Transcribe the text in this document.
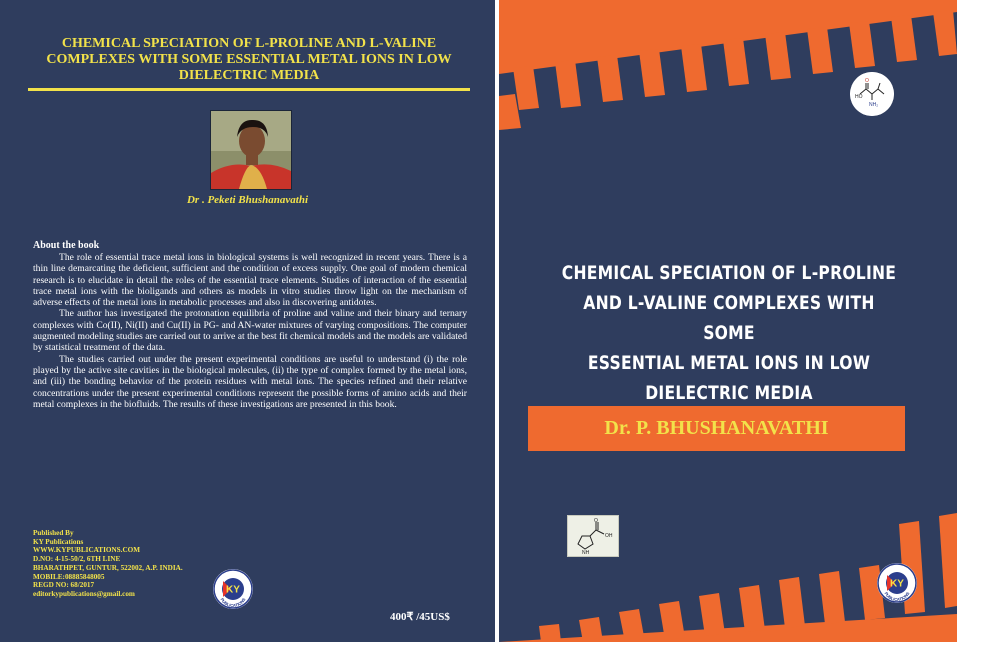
CHEMICAL SPECIATION OF L-PROLINE AND L-VALINE COMPLEXES WITH SOME ESSENTIAL METAL IONS IN LOW DIELECTRIC MEDIA
Dr . Peketi Bhushanavathi
About the book

The role of essential trace metal ions in biological systems is well recognized in recent years. There is a thin line demarcating the deficient, sufficient and the condition of excess supply. One goal of modern chemical research is to elucidate in detail the roles of the essential trace elements. Studies of interaction of the essential trace metal ions with the bioligands and others as models in vitro studies throw light on the mechanism of adverse effects of the metal ions in metabolic processes and also in discovering antidotes.

The author has investigated the protonation equilibria of proline and valine and their binary and ternary complexes with Co(II), Ni(II) and Cu(II) in PG- and AN-water mixtures of varying compositions. The computer augmented modeling studies are carried out to arrive at the best fit chemical models and the models are validated by statistical treatment of the data.

The studies carried out under the present experimental conditions are useful to understand (i) the role played by the active site cavities in the biological molecules, (ii) the type of complex formed by the metal ions, and (iii) the bonding behavior of the protein residues with metal ions. The species refined and their relative concentrations under the present experimental conditions represent the possible forms of amino acids and their metal complexes in the biofluids. The results of these investigations are presented in this book.

Published By
KY Publications
WWW.KYPUBLICATIONS.COM
D.NO: 4-15-50/2, 6TH LINE
BHARATHPET, GUNTUR, 522002, A.P. INDIA.
MOBILE:08885848005
REGD NO: 68/2017
editorkypublications@gmail.com	KY
PUBLICATIONS
400₹ /45US$
HO
O
NH₂
CHEMICAL SPECIATION OF L-PROLINE
AND L-VALINE COMPLEXES WITH SOME
ESSENTIAL METAL IONS IN LOW
DIELECTRIC MEDIA
Dr. P. BHUSHANAVATHI
O
OH
NH
KY
PUBLICATIONS
